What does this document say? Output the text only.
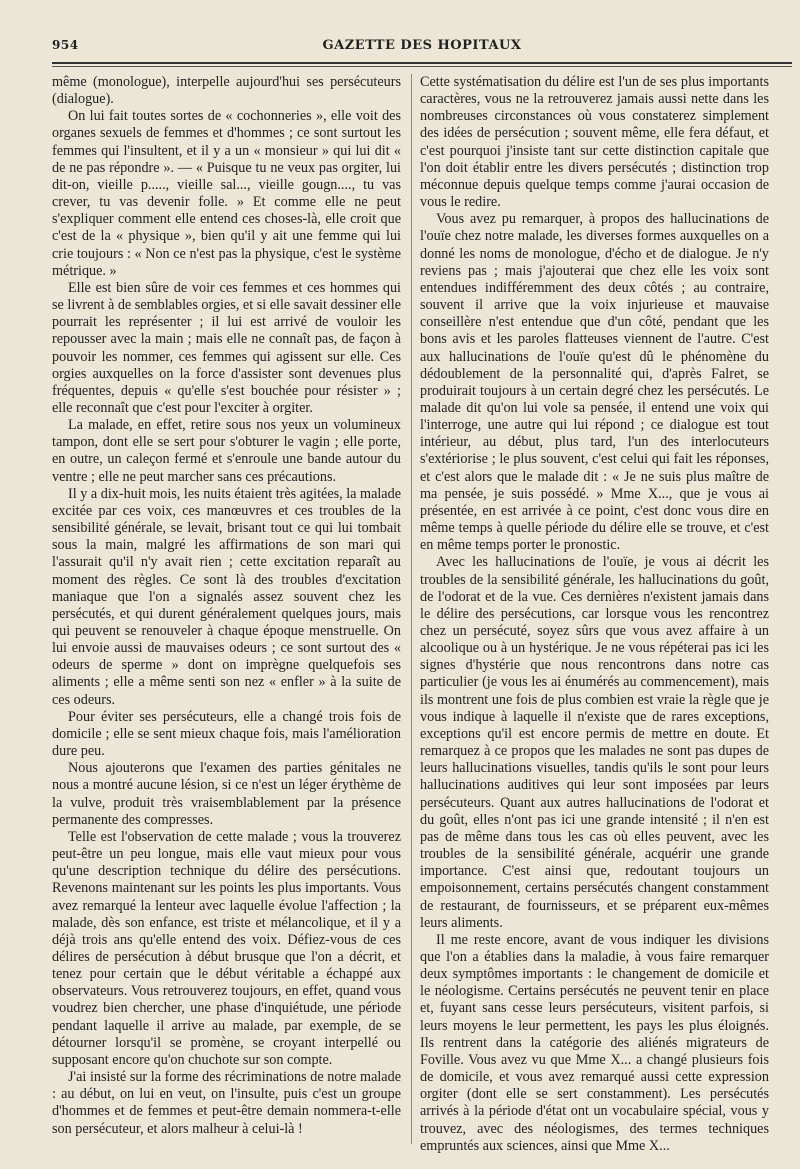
954	GAZETTE DES HOPITAUX

même (monologue), interpelle aujourd'hui ses persécuteurs (dialogue).

On lui fait toutes sortes de « cochonneries », elle voit des organes sexuels de femmes et d'hommes ; ce sont surtout les femmes qui l'insultent, et il y a un « monsieur » qui lui dit « de ne pas répondre ». — « Puisque tu ne veux pas orgiter, lui dit-on, vieille p....., vieille sal..., vieille gougn...., tu vas crever, tu vas devenir folle. » Et comme elle ne peut s'expliquer comment elle entend ces choses-là, elle croit que c'est de la « physique », bien qu'il y ait une femme qui lui crie toujours : « Non ce n'est pas la physique, c'est le système métrique. »

Elle est bien sûre de voir ces femmes et ces hommes qui se livrent à de semblables orgies, et si elle savait dessiner elle pourrait les représenter ; il lui est arrivé de vouloir les repousser avec la main ; mais elle ne connaît pas, de façon à pouvoir les nommer, ces femmes qui agissent sur elle. Ces orgies auxquelles on la force d'assister sont devenues plus fréquentes, depuis « qu'elle s'est bouchée pour résister » ; elle reconnaît que c'est pour l'exciter à orgiter.

La malade, en effet, retire sous nos yeux un volumineux tampon, dont elle se sert pour s'obturer le vagin ; elle porte, en outre, un caleçon fermé et s'enroule une bande autour du ventre ; elle ne peut marcher sans ces précautions.

Il y a dix-huit mois, les nuits étaient très agitées, la malade excitée par ces voix, ces manœuvres et ces troubles de la sensibilité générale, se levait, brisant tout ce qui lui tombait sous la main, malgré les affirmations de son mari qui l'assurait qu'il n'y avait rien ; cette excitation reparaît au moment des règles. Ce sont là des troubles d'excitation maniaque que l'on a signalés assez souvent chez les persécutés, et qui durent généralement quelques jours, mais qui peuvent se renouveler à chaque époque menstruelle. On lui envoie aussi de mauvaises odeurs ; ce sont surtout des « odeurs de sperme » dont on imprègne quelquefois ses aliments ; elle a même senti son nez « enfler » à la suite de ces odeurs.

Pour éviter ses persécuteurs, elle a changé trois fois de domicile ; elle se sent mieux chaque fois, mais l'amélioration dure peu.

Nous ajouterons que l'examen des parties génitales ne nous a montré aucune lésion, si ce n'est un léger érythème de la vulve, produit très vraisemblablement par la présence permanente des compresses.

Telle est l'observation de cette malade ; vous la trouverez peut-être un peu longue, mais elle vaut mieux pour vous qu'une description technique du délire des persécutions. Revenons maintenant sur les points les plus importants. Vous avez remarqué la lenteur avec laquelle évolue l'affection ; la malade, dès son enfance, est triste et mélancolique, et il y a déjà trois ans qu'elle entend des voix. Défiez-vous de ces délires de persécution à début brusque que l'on a décrit, et tenez pour certain que le début véritable a échappé aux observateurs. Vous retrouverez toujours, en effet, quand vous voudrez bien chercher, une phase d'inquiétude, une période pendant laquelle il arrive au malade, par exemple, de se détourner lorsqu'il se promène, se croyant interpellé ou supposant encore qu'on chuchote sur son compte.

J'ai insisté sur la forme des récriminations de notre malade : au début, on lui en veut, on l'insulte, puis c'est un groupe d'hommes et de femmes et peut-être demain nommera-t-elle son persécuteur, et alors malheur à celui-là !

Cette systématisation du délire est l'un de ses plus importants caractères, vous ne la retrouverez jamais aussi nette dans les nombreuses circonstances où vous constaterez simplement des idées de persécution ; souvent même, elle fera défaut, et c'est pourquoi j'insiste tant sur cette distinction capitale que l'on doit établir entre les divers persécutés ; distinction trop méconnue depuis quelque temps comme j'aurai occasion de vous le redire.

Vous avez pu remarquer, à propos des hallucinations de l'ouïe chez notre malade, les diverses formes auxquelles on a donné les noms de monologue, d'écho et de dialogue. Je n'y reviens pas ; mais j'ajouterai que chez elle les voix sont entendues indifféremment des deux côtés ; au contraire, souvent il arrive que la voix injurieuse et mauvaise conseillère n'est entendue que d'un côté, pendant que les bons avis et les paroles flatteuses viennent de l'autre. C'est aux hallucinations de l'ouïe qu'est dû le phénomène du dédoublement de la personnalité qui, d'après Falret, se produirait toujours à un certain degré chez les persécutés. Le malade dit qu'on lui vole sa pensée, il entend une voix qui l'interroge, une autre qui lui répond ; ce dialogue est tout intérieur, au début, plus tard, l'un des interlocuteurs s'extériorise ; le plus souvent, c'est celui qui fait les réponses, et c'est alors que le malade dit : « Je ne suis plus maître de ma pensée, je suis possédé. » Mme X..., que je vous ai présentée, en est arrivée à ce point, c'est donc vous dire en même temps à quelle période du délire elle se trouve, et c'est en même temps porter le pronostic.

Avec les hallucinations de l'ouïe, je vous ai décrit les troubles de la sensibilité générale, les hallucinations du goût, de l'odorat et de la vue. Ces dernières n'existent jamais dans le délire des persécutions, car lorsque vous les rencontrez chez un persécuté, soyez sûrs que vous avez affaire à un alcoolique ou à un hystérique. Je ne vous répéterai pas ici les signes d'hystérie que nous rencontrons dans notre cas particulier (je vous les ai énumérés au commencement), mais ils montrent une fois de plus combien est vraie la règle que je vous indique à laquelle il n'existe que de rares exceptions, exceptions qu'il est encore permis de mettre en doute. Et remarquez à ce propos que les malades ne sont pas dupes de leurs hallucinations visuelles, tandis qu'ils le sont pour leurs hallucinations auditives qui leur sont imposées par leurs persécuteurs. Quant aux autres hallucinations de l'odorat et du goût, elles n'ont pas ici une grande intensité ; il n'en est pas de même dans tous les cas où elles peuvent, avec les troubles de la sensibilité générale, acquérir une grande importance. C'est ainsi que, redoutant toujours un empoisonnement, certains persécutés changent constamment de restaurant, de fournisseurs, et se préparent eux-mêmes leurs aliments.

Il me reste encore, avant de vous indiquer les divisions que l'on a établies dans la maladie, à vous faire remarquer deux symptômes importants : le changement de domicile et le néologisme. Certains persécutés ne peuvent tenir en place et, fuyant sans cesse leurs persécuteurs, visitent parfois, si leurs moyens le leur permettent, les pays les plus éloignés. Ils rentrent dans la catégorie des aliénés migrateurs de Foville. Vous avez vu que Mme X... a changé plusieurs fois de domicile, et vous avez remarqué aussi cette expression orgiter (dont elle se sert constamment). Les persécutés arrivés à la période d'état ont un vocabulaire spécial, vous y trouvez, avec des néologismes, des termes techniques empruntés aux sciences, ainsi que Mme X...
